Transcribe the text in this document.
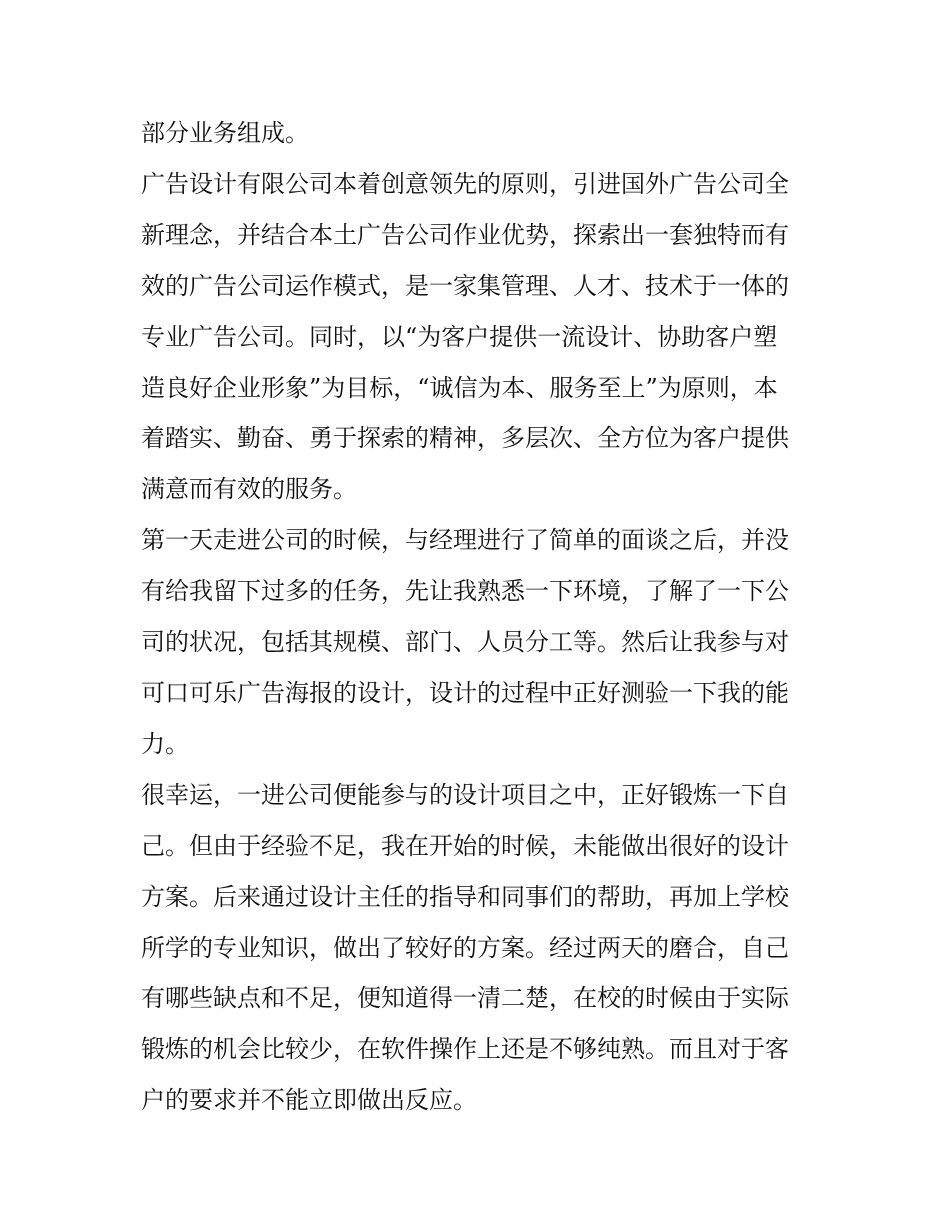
部分业务组成。

广告设计有限公司本着创意领先的原则，引进国外广告公司全
新理念，并结合本土广告公司作业优势，探索出一套独特而有
效的广告公司运作模式，是一家集管理、人才、技术于一体的
专业广告公司。同时，以“为客户提供一流设计、协助客户塑
造良好企业形象”为目标，“诚信为本、服务至上”为原则，本
着踏实、勤奋、勇于探索的精神，多层次、全方位为客户提供
满意而有效的服务。

第一天走进公司的时候，与经理进行了简单的面谈之后，并没
有给我留下过多的任务，先让我熟悉一下环境，了解了一下公
司的状况，包括其规模、部门、人员分工等。然后让我参与对
可口可乐广告海报的设计，设计的过程中正好测验一下我的能
力。

很幸运，一进公司便能参与的设计项目之中，正好锻炼一下自
己。但由于经验不足，我在开始的时候，未能做出很好的设计
方案。后来通过设计主任的指导和同事们的帮助，再加上学校
所学的专业知识，做出了较好的方案。经过两天的磨合，自己
有哪些缺点和不足，便知道得一清二楚，在校的时候由于实际
锻炼的机会比较少，在软件操作上还是不够纯熟。而且对于客
户的要求并不能立即做出反应。
